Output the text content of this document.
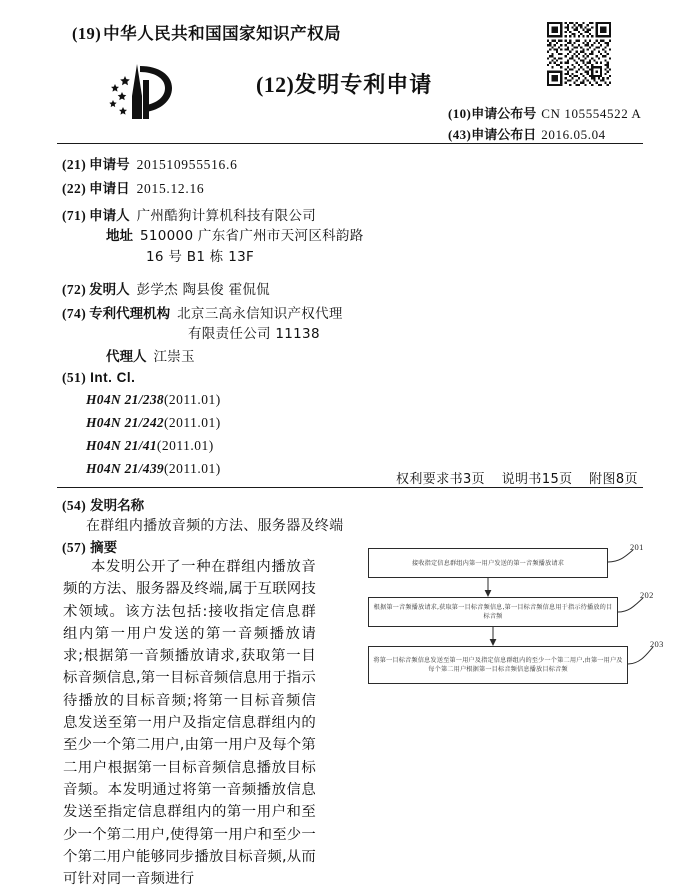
(19) 中华人民共和国国家知识产权局
(12)发明专利申请
(10)申请公布号 CN 105554522 A
(43)申请公布日 2016.05.04
(21) 申请号 201510955516.6
(22) 申请日 2015.12.16
(71) 申请人 广州酷狗计算机科技有限公司
地址 510000 广东省广州市天河区科韵路
16 号 B1 栋 13F
(72) 发明人 彭学杰 陶县俊 霍侃侃
(74) 专利代理机构 北京三高永信知识产权代理
有限责任公司 11138
代理人 江崇玉
(51) Int. Cl.
H04N 21/238(2011.01)
H04N 21/242(2011.01)
H04N 21/41(2011.01)
H04N 21/439(2011.01)
权利要求书3页 说明书15页 附图8页
(54) 发明名称
在群组内播放音频的方法、服务器及终端
(57) 摘要
本发明公开了一种在群组内播放音频的方法、服务器及终端,属于互联网技术领域。该方法包括:接收指定信息群组内第一用户发送的第一音频播放请求;根据第一音频播放请求,获取第一目标音频信息,第一目标音频信息用于指示待播放的目标音频;将第一目标音频信息发送至第一用户及指定信息群组内的至少一个第二用户,由第一用户及每个第二用户根据第一目标音频信息播放目标音频。本发明通过将第一音频播放信息发送至指定信息群组内的第一用户和至少一个第二用户,使得第一用户和至少一个第二用户能够同步播放目标音频,从而可针对同一音频进行
接收指定信息群组内第一用户发送的第一音频播放请求
201
根据第一音频播放请求,获取第一目标音频信息,第一目标音频信息用于指示待播放的目标音频
202
将第一目标音频信息发送至第一用户及指定信息群组内的至少一个第二用户,由第一用户及每个第二用户根据第一目标音频信息播放目标音频
203
